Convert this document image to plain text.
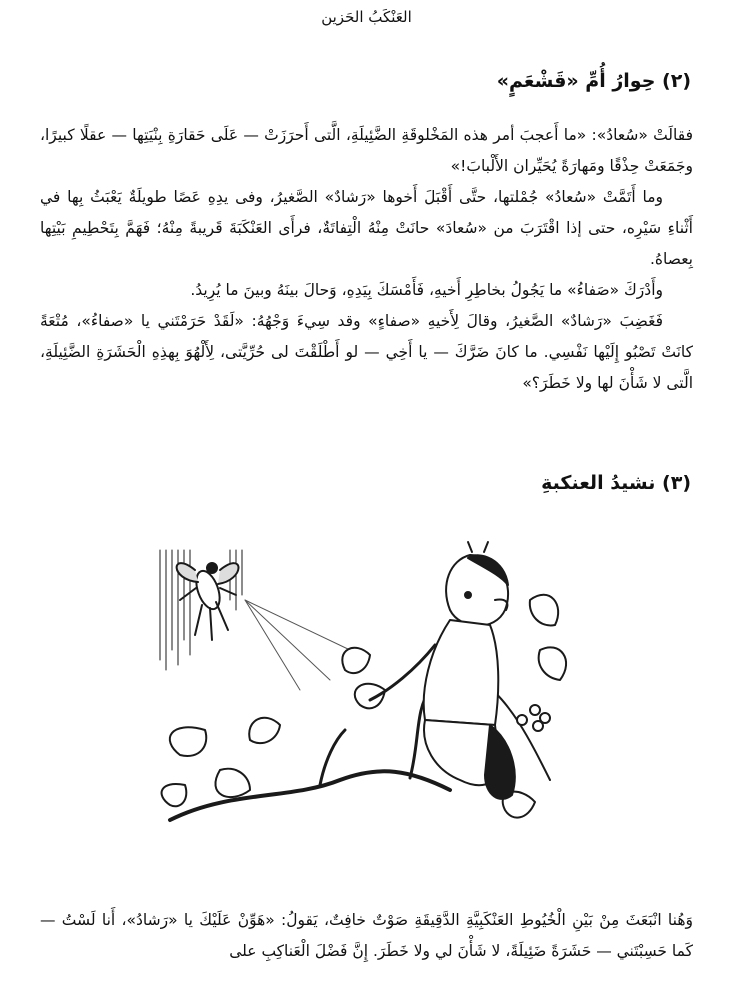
العَنْكَبُ الحَزين
(٢) حِوارُ أُمِّ «قَشْعَمٍ»
فقالَتْ «سُعادُ»: «ما أَعجبَ أمر هذه المَخْلوقَةِ الضَّئِيلَةِ، الَّتى أَحرَزَتْ — عَلَى حَقارَةِ بِنْيَتِها — عقلًا كبيرًا، وجَمَعَتْ حِذْقًا ومَهارَةً يُحَيِّران الأَلْبابَ!»
وما أَتَمَّتْ «سُعادُ» جُمْلتها، حتَّى أَقْبَلَ أَخوها «رَشادٌ» الصَّغيرُ، وفى يدِهِ عَصًا طويلَةٌ يَعْبَثُ بِها في أَثْناءِ سَيْرِه، حتى إذا اقْتَرَبَ من «سُعادَ» حانَتْ مِنْهُ الْتِفاتَةٌ، فرأَى العَنْكَبَةَ قَريبةً مِنْهُ؛ فَهَمَّ بِتَحْطِيمِ بَيْتِها بِعصاهُ.
وأَدْرَكَ «صَفاءُ» ما يَجُولُ بخاطِرِ أَخيهِ، فَأَمْسَكَ بِيَدِهِ، وَحالَ بينَهُ وبينَ ما يُرِيدُ.
فَغَضِبَ «رَشادٌ» الصَّغيرُ، وقالَ لِأَخيهِ «صفاءٍ» وقد سِيءَ وَجْهُهُ: «لَقَدْ حَرَمْتَني يا «صفاءُ»، مُتْعَةً كانَتْ تَصْبُو إِلَيْها نَفْسِي. ما كانَ ضَرَّكَ — يا أَخِي — لو أَطْلَقْتَ لى حُرِّيَّتى، لِأَلْهُوَ بِهذِهِ الْحَشَرَةِ الضَّئِيلَةِ، الَّتى لا شَأْنَ لها ولا خَطَرَ؟»
(٣) نشيدُ العنكبةِ
وَهُنا انْبَعَثَ مِنْ بَيْنِ الْخُيُوطِ العَنْكَبِيَّةِ الدَّقِيقَةِ صَوْتٌ خافِتٌ، يَقولُ: «هَوِّنْ عَلَيْكَ يا «رَشادُ»، أَنا لَسْتُ — كَما حَسِبْتَني — حَشَرَةً ضَئِيلَةً، لا شَأْنَ لي ولا خَطَرَ. إِنَّ فَضْلَ الْعَناكِبِ على
